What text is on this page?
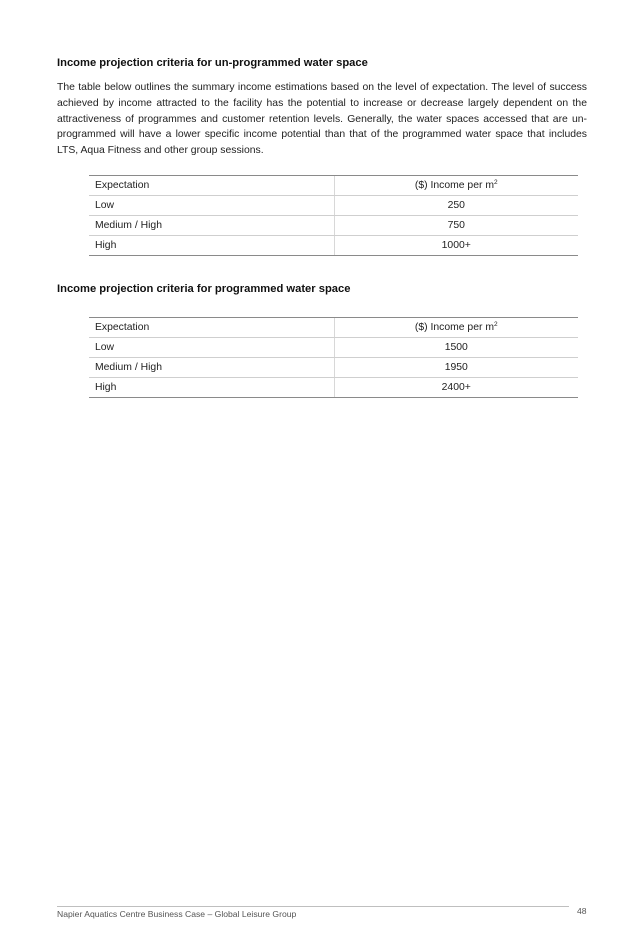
Income projection criteria for un-programmed water space

The table below outlines the summary income estimations based on the level of expectation. The level of success achieved by income attracted to the facility has the potential to increase or decrease largely dependent on the attractiveness of programmes and customer retention levels. Generally, the water spaces accessed that are un-programmed will have a lower specific income potential than that of the programmed water space that includes LTS, Aqua Fitness and other group sessions.

Expectation	($) Income per $m^2$
Low	250
Medium / High	750
High	1000+
Income projection criteria for programmed water space
Expectation	($) Income per $m^2$
Low	1500
Medium / High	1950
High	2400+
Napier Aquatics Centre Business Case – Global Leisure Group	48
